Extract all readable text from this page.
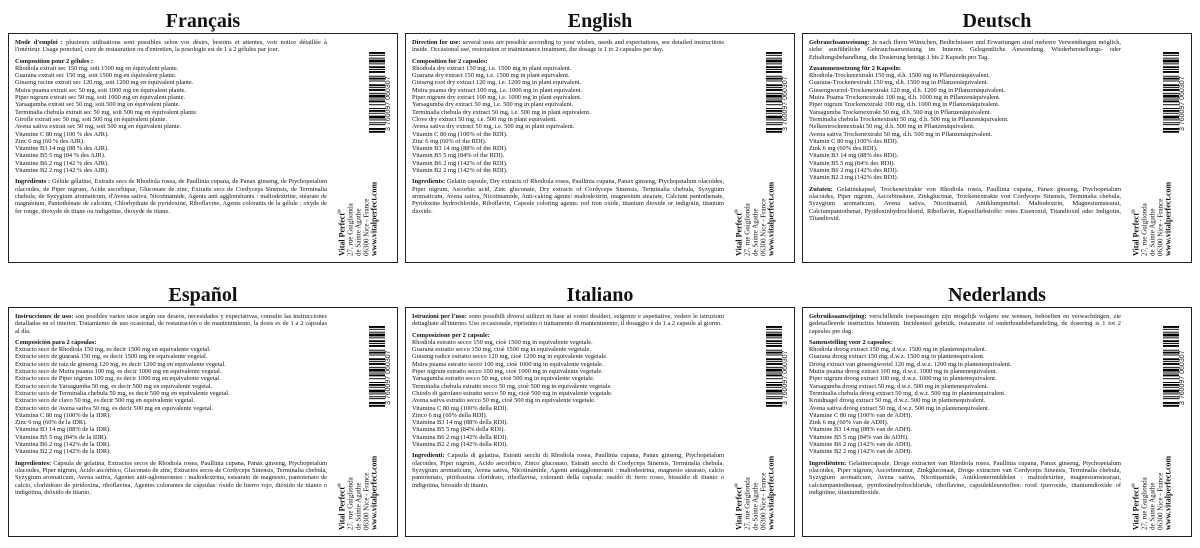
Français

Mode d'emploi : plusieurs utilisations sont possibles selon vos désirs, besoins et attentes, voir notice détaillée à l'intérieur. Usage ponctuel, cure de restauration ou d'entretien, la posologie est de 1 à 2 gélules par jour.

Composition pour 2 gélules :
Rhodiola extrait sec 150 mg, soit 1500 mg en équivalent plante.
Guarana extrait sec 150 mg, soit 1500 mg en équivalent plante.
Ginseng racine extrait sec 120 mg, soit 1200 mg en équivalent plante.
Muira puama extrait sec 50 mg, soit 1000 mg en équivalent plante.
Piper nigrum extrait sec 50 mg, soit 1000 mg en équivalent plante.
Yarsagumba extrait sec 50 mg, soit 500 mg en équivalent plante.
Terminalia chebula extrait sec 50 mg, soit 500 mg en équivalent plante.
Girofle extrait sec 50 mg, soit 500 mg en équivalent plante.
Avena sativa extrait sec 50 mg, soit 500 mg en équivalent plante.
Vitamine C 80 mg (100 % des AJR).
Zinc 6 mg (60 % des AJR).
Vitamine B3 14 mg (88 % des AJR).
Vitamine B5 5 mg (84 % des AJR).
Vitamine B6 2 mg (142 % des AJR).
Vitamine B2 2 mg (142 % des AJR).

Ingrédients : Gélule gélatine, Extraits secs de Rhodiola rosea, de Paullinia cupana, de Panax ginseng, de Ptychopetalum olacoides, de Piper nigrum, Acide ascorbique, Gluconate de zinc, Extraits secs de Cordyceps Sinensis, de Terminalia chebula, de Syzygium aromaticum, d'Avena sativa, Nicotinamide, Agents anti agglomérants : maltodextrine, stéarate de magnésium, Pantothénate de calcium, Chlorhydrate de pyridoxine, Riboflavine, Agents colorants de la gélule : oxyde de fer rouge, dioxyde de titane ou indigotine, dioxyde de titane.

3 760097 060307
Vital Perfect® 27, rue Guiglionda
de Sainte Agathe
06300 Nice - France
www.vitalperfect.com
English

Direction for use: several uses are possible according to your wishes, needs and expectations, see detailed instructions inside. Occasional use, restoration or maintenance treatment, the dosage is 1 to 2 capsules per day.

Composition for 2 capsules:
Rhodiola dry extract 150 mg, i.e. 1500 mg in plant equivalent.
Guarana dry extract 150 mg, i.e. 1500 mg in plant equivalent.
Ginseng root dry extract 120 mg, i.e. 1200 mg in plant equivalent.
Muira puama dry extract 100 mg, i.e. 1000 mg in plant equivalent.
Piper nigrum dry extract 100 mg, i.e. 1000 mg in plant equivalent.
Yarsagumba dry extract 50 mg, i.e. 500 mg in plant equivalent.
Terminalia chebula dry extract 50 mg, i.e. 500 mg in plant equivalent.
Clove dry extract 50 mg, i.e. 500 mg in plant equivalent.
Avena sativa dry extract 50 mg, i.e. 500 mg in plant equivalent.
Vitamin C 80 mg (100% of the RDI).
Zinc 6 mg (60% of the RDI).
Vitamin B3 14 mg (88% of the RDI).
Vitamin B5 5 mg (84% of the RDI).
Vitamin B6 2 mg (142% of the RDI).
Vitamin B2 2 mg (142% of the RDI).

Ingredients: Gelatin capsule, Dry extracts of Rhodiola rosea, Paullinia cupana, Panax ginseng, Ptychopetalum olacoides, Piper nigrum, Ascorbic acid, Zinc gluconate, Dry extracts of Cordyceps Sinensis, Terminalia chebula, Syzygium aromaticum, Avena sativa, Nicotinamide, Anti-caking agents: maltodextrin, magnesium stearate, Calcium pantothenate, Pyridoxine hydrochloride, Riboflavin, Capsule coloring agents: red iron oxide, titanium dioxide or indigotin, titanium dioxide.

3 760097 060307
Vital Perfect® 27, rue Guiglionda
de Sainte Agathe
06300 Nice - France
www.vitalperfect.com
Deutsch

Gebrauchsanweisung: Je nach Ihren Wünschen, Bedürfnissen und Erwartungen sind mehrere Verwendungen möglich, siehe ausführliche Gebrauchsanweisung im Inneren. Gelegentliche Anwendung, Wiederherstellungs- oder Erhaltungsbehandlung, die Dosierung beträgt 1 bis 2 Kapseln pro Tag.

Zusammensetzung für 2 Kapseln:
Rhodiola-Trockenextrakt 150 mg, d.h. 1500 mg in Pflanzenäquivalent.
Guarana-Trockenextrakt 150 mg, d.h. 1500 mg in Pflanzenäquivalent.
Ginsengwurzel-Trockenextrakt 120 mg, d.h. 1200 mg in Pflanzenäquivalent.
Muira Puama Trockenextrakt 100 mg, d.h. 1000 mg in Pflanzenäquivalent.
Piper nigrum Trockenextrakt 100 mg, d.h. 1000 mg in Pflanzenäquivalent.
Yarsagumba Trockenextrakt 50 mg, d.h. 500 mg in Pflanzenäquivalent.
Terminalia chebula Trockenextrakt 50 mg, d.h. 500 mg in Pflanzenäquivalent.
Nelkentrockenextrakt 50 mg, d.h. 500 mg in Pflanzenäquivalent.
Avena sativa Trockenextrakt 50 mg, d.h. 500 mg in Pflanzenäquivalent.
Vitamin C 80 mg (100% des RDI).
Zink 6 mg (60% des RDI).
Vitamin B3 14 mg (88% des RDI).
Vitamin B5 5 mg (84% des RDI).
Vitamin B6 2 mg (142% des RDI).
Vitamin B2 2 mg (142% des RDI).

Zutaten: Gelatinekapsel, Trockenextrakte von Rhodiola rosea, Paullinia cupana, Panax ginseng, Ptychopetalum olacoides, Piper nigrum, Ascorbinsäure, Zinkgluconat, Trockenextrakte von Cordyceps Sinensis, Terminalia chebula, Syzygium aromaticum, Avena sativa, Nicotinamid, Antiklumpmittel: Maltodextrin, Magnesiumstearat, Calciumpantothenat, Pyridoxinhydrochlorid, Riboflavin, Kapselfarbstoffe: rotes Eisenoxid, Titandioxid oder Indigotin, Titandioxid.

3 760097 060307
Vital Perfect® 27, rue Guiglionda
de Sainte Agathe
06300 Nice - France
www.vitalperfect.com
Español

Instrucciones de uso: son posibles varios usos según sus deseos, necesidades y expectativas, consulte las instrucciones detalladas en el interior. Tratamiento de uso ocasional, de restauración o de mantenimiento, la dosis es de 1 a 2 cápsulas al día.

Composición para 2 cápsulas:
Extracto seco de Rhodiola 150 mg, es decir 1500 mg en equivalente vegetal.
Extracto seco de guaraná 150 mg, es decir 1500 mg en equivalente vegetal.
Extracto seco de raíz de ginseng 120 mg, es decir 1200 mg en equivalente vegetal.
Extracto seco de Muira puama 100 mg, es decir 1000 mg en equivalente vegetal.
Extracto seco de Piper nigrum 100 mg, es decir 1000 mg en equivalente vegetal.
Extracto seco de Yarsagumba 50 mg, es decir 500 mg en equivalente vegetal.
Extracto seco de Terminalia chebula 50 mg, es decir 500 mg en equivalente vegetal.
Extracto seco de clavo 50 mg, es decir 500 mg en equivalente vegetal.
Extracto seco de Avena sativa 50 mg, es decir 500 mg en equivalente vegetal.
Vitamina C 80 mg (100% de la IDR).
Zinc 6 mg (60% de la IDR).
Vitamina B3 14 mg (88% de la IDR).
Vitamina B5 5 mg (84% de la IDR).
Vitamina B6 2 mg (142% de la IDR).
Vitamina B2 2 mg (142% de la IDR).

Ingredientes: Cápsula de gelatina, Extractos secos de Rhodiola rosea, Paullinia cupana, Panax ginseng, Ptychopetalum olacoides, Piper nigrum, Ácido ascórbico, Gluconato de zinc, Extractos secos de Cordyceps Sinensis, Terminalia chebula, Syzygium aromaticum, Avena sativa, Agentes anti-aglomerantes : maltodextrina, estearato de magnesio, pantotenato de calcio, clorhidrato de piridoxina, riboflavina, Agentes colorantes de cápsulas: óxido de hierro rojo, dióxido de titanio o indigotina, dióxido de titanio.

3 760097 060307
Vital Perfect® 27, rue Guiglionda
de Sainte Agathe
06300 Nice - France
www.vitalperfect.com
Italiano

Istruzioni per l'uso: sono possibili diversi utilizzi in base ai vostri desideri, esigenze e aspettative, vedere le istruzioni dettagliate all'interno. Uso occasionale, ripristino o trattamento di mantenimento, il dosaggio è da 1 a 2 capsule al giorno.

Composizione per 2 capsule:
Rhodiola estratto secco 150 mg, cioè 1500 mg in equivalente vegetale.
Guaranà estratto secco 150 mg, cioè 1500 mg in equivalente vegetale.
Ginseng radice estratto secco 120 mg, cioè 1200 mg in equivalente vegetale.
Muira puama estratto secco 100 mg, cioè 1000 mg in equivalente vegetale.
Piper nigrum estratto secco 100 mg, cioè 1000 mg in equivalente vegetale.
Yarsagumba estratto secco 50 mg, cioè 500 mg in equivalente vegetale.
Terminalia chebula estratto secco 50 mg, cioè 500 mg in equivalente vegetale.
Chiodo di garofano estratto secco 50 mg, cioè 500 mg in equivalente vegetale.
Avena sativa estratto secco 50 mg, cioè 500 mg in equivalente vegetale.
Vitamina C 80 mg (100% della RDI).
Zinco 6 mg (60% della RDI).
Vitamina B3 14 mg (88% della RDI).
Vitamina B5 5 mg (84% della RDI).
Vitamina B6 2 mg (142% della RDI).
Vitamina B2 2 mg (142% della RDI).

Ingredienti: Capsula di gelatina, Estratti secchi di Rhodiola rosea, Paullinia cupana, Panax ginseng, Ptychopetalum olacoides, Piper nigrum, Acido ascorbico, Zinco gluconato, Estratti secchi di Cordyceps Sinensis, Terminalia chebula, Syzygium aromaticum, Avena sativa, Nicotinamide, Agenti antiagglomeranti : maltodestrina, magnesio stearato, calcio pantotenato, piridossina cloridrato, riboflavina, coloranti della capsula: ossido di ferro rosso, biossido di titanio o indigotina, biossido di titanio.

3 760097 060307
Vital Perfect® 27, rue Guiglionda
de Sainte Agathe
06300 Nice - France
www.vitalperfect.com
Nederlands

Gebruiksaanwijzing: verschillende toepassingen zijn mogelijk volgens uw wensen, behoeften en verwachtingen, zie gedetailleerde instructies binnenin. Incidenteel gebruik, restauratie of onderhoudsbehandeling, de dosering is 1 tot 2 capsules per dag.

Samenstelling voor 2 capsules:
Rhodiola droog extract 150 mg, d.w.z. 1500 mg in plantenequivalent.
Guarana droog extract 150 mg, d.w.z. 1500 mg in plantenequivalent.
Droog extract van ginsengwortel 120 mg, d.w.z. 1200 mg in plantenequivalent.
Muira puama droog extract 100 mg, d.w.z. 1000 mg in plantenequivalent.
Piper nigrum droog extract 100 mg, d.w.z. 1000 mg in plantenequivalent.
Yarsagumba droog extract 50 mg, d.w.z. 500 mg in plantenequivalent.
Terminalia chebula droog extract 50 mg, d.w.z. 500 mg in plantenequivalent.
Kruidnagel droog extract 50 mg, d.w.z. 500 mg in plantenequivalent.
Avena sativa droog extract 50 mg, d.w.z. 500 mg in plantenequivalent.
Vitamine C 80 mg (100% van de ADH).
Zink 6 mg (60% van de ADH).
Vitamine B3 14 mg (88% van de ADH).
Vitamine B5 5 mg (84% van de ADH).
Vitamine B6 2 mg (142% van de ADH).
Vitamine B2 2 mg (142% van de ADH).

Ingrediënten: Gelatinecapsule, Droge extracten van Rhodiola rosea, Paullinia cupana, Panax ginseng, Ptychopetalum olacoides, Piper nigrum, Ascorbinezuur, Zinkgluconaat, Droge extracten van Cordyceps Sinensis, Terminalia chebula, Syzygium aromaticum, Avena sativa, Nicotinamide, Antiklontermiddelen : maltodextrine, magnesiumstearaat, calciumpantothenaat, pyridoxinehydrochloride, riboflavine, capsulekleurstoffen: rood ijzeroxide, titaniumdioxide of indigotine, titaniumdioxide.

3 760097 060307
Vital Perfect® 27, rue Guiglionda
de Sainte Agathe
06300 Nice - France
www.vitalperfect.com
